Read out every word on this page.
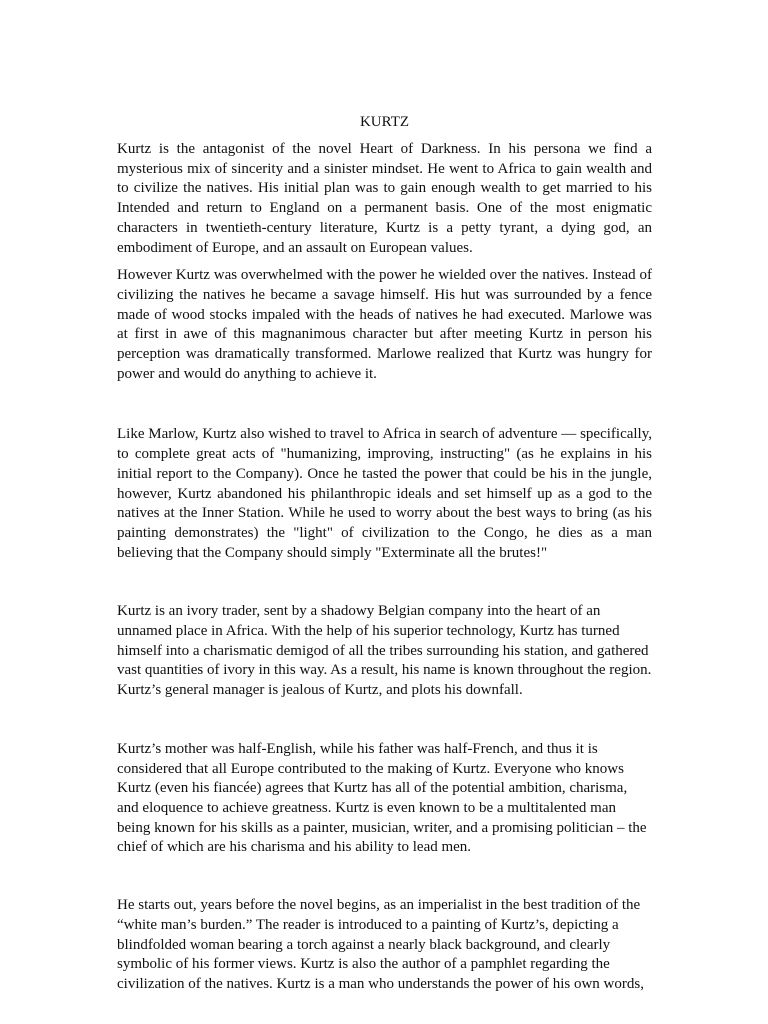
KURTZ

Kurtz is the antagonist of the novel Heart of Darkness. In his persona we find a mysterious mix of sincerity and a sinister mindset. He went to Africa to gain wealth and to civilize the natives. His initial plan was to gain enough wealth to get married to his Intended and return to England on a permanent basis. One of the most enigmatic characters in twentieth-century literature, Kurtz is a petty tyrant, a dying god, an embodiment of Europe, and an assault on European values.

However Kurtz was overwhelmed with the power he wielded over the natives. Instead of civilizing the natives he became a savage himself. His hut was surrounded by a fence made of wood stocks impaled with the heads of natives he had executed. Marlowe was at first in awe of this magnanimous character but after meeting Kurtz in person his perception was dramatically transformed. Marlowe realized that Kurtz was hungry for power and would do anything to achieve it.

Like Marlow, Kurtz also wished to travel to Africa in search of adventure — specifically, to complete great acts of "humanizing, improving, instructing" (as he explains in his initial report to the Company). Once he tasted the power that could be his in the jungle, however, Kurtz abandoned his philanthropic ideals and set himself up as a god to the natives at the Inner Station. While he used to worry about the best ways to bring (as his painting demonstrates) the "light" of civilization to the Congo, he dies as a man believing that the Company should simply "Exterminate all the brutes!"

Kurtz is an ivory trader, sent by a shadowy Belgian company into the heart of an unnamed place in Africa. With the help of his superior technology, Kurtz has turned himself into a charismatic demigod of all the tribes surrounding his station, and gathered vast quantities of ivory in this way. As a result, his name is known throughout the region. Kurtz’s general manager is jealous of Kurtz, and plots his downfall.

Kurtz’s mother was half-English, while his father was half-French, and thus it is considered that all Europe contributed to the making of Kurtz. Everyone who knows Kurtz (even his fiancée) agrees that Kurtz has all of the potential ambition, charisma, and eloquence to achieve greatness. Kurtz is even known to be a multitalented man being known for his skills as a painter, musician, writer, and a promising politician – the chief of which are his charisma and his ability to lead men.

He starts out, years before the novel begins, as an imperialist in the best tradition of the “white man’s burden.” The reader is introduced to a painting of Kurtz’s, depicting a blindfolded woman bearing a torch against a nearly black background, and clearly symbolic of his former views. Kurtz is also the author of a pamphlet regarding the civilization of the natives. Kurtz is a man who understands the power of his own words,
